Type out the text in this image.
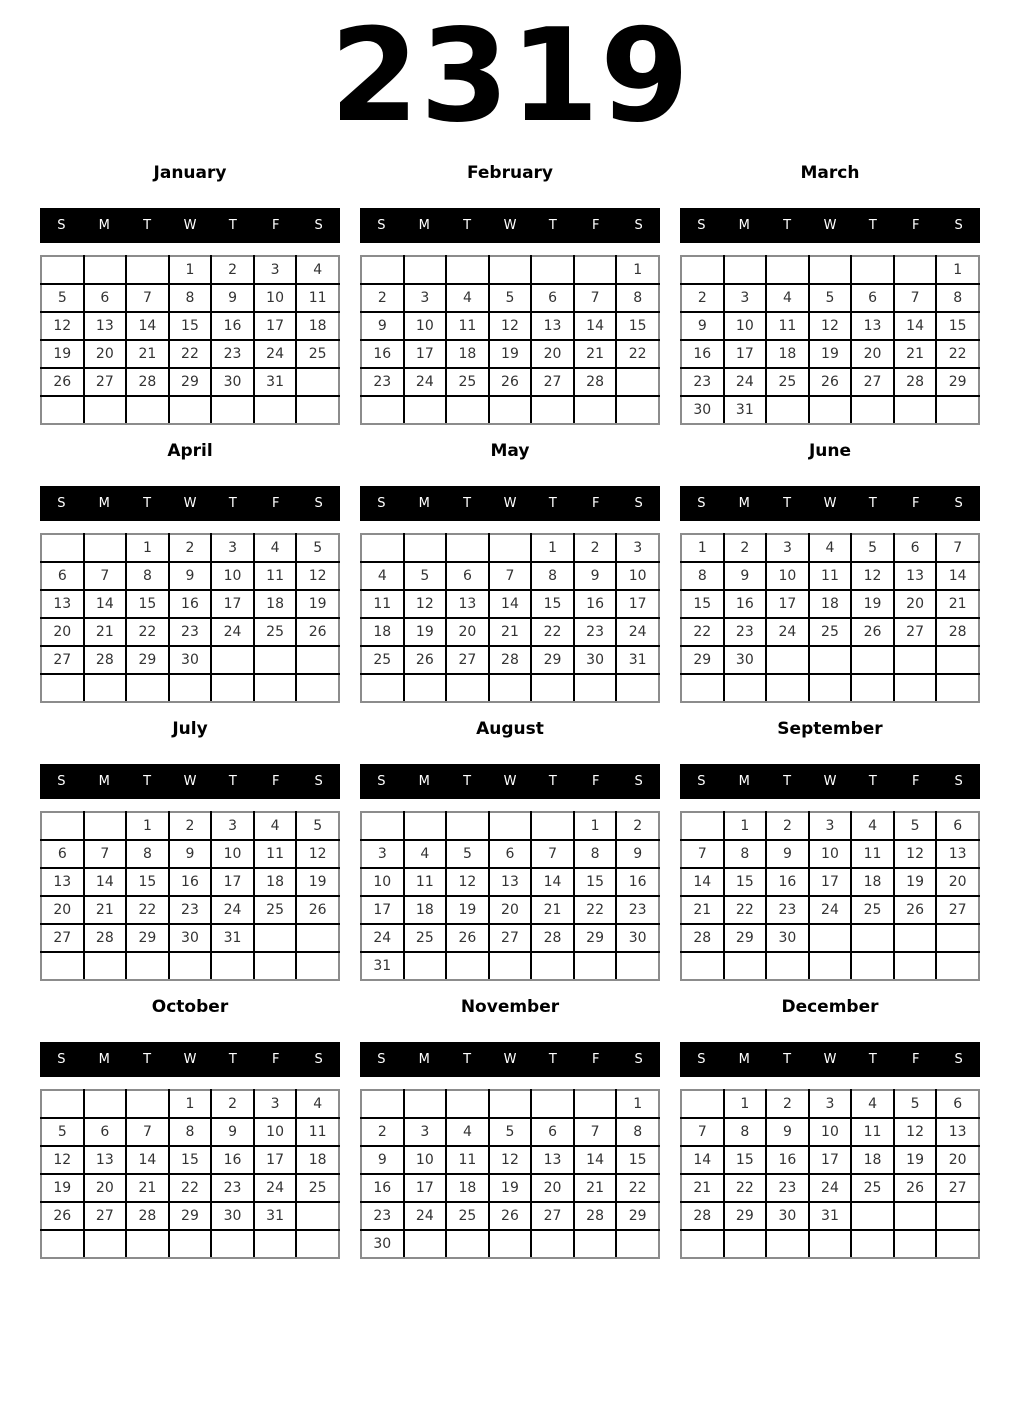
2319
January
S	M	T	W	T	F	S
			1	2	3	4
5	6	7	8	9	10	11
12	13	14	15	16	17	18
19	20	21	22	23	24	25
26	27	28	29	30	31	

February
S	M	T	W	T	F	S
						1
2	3	4	5	6	7	8
9	10	11	12	13	14	15
16	17	18	19	20	21	22
23	24	25	26	27	28	

March
S	M	T	W	T	F	S
						1
2	3	4	5	6	7	8
9	10	11	12	13	14	15
16	17	18	19	20	21	22
23	24	25	26	27	28	29
30	31					
April
S	M	T	W	T	F	S
		1	2	3	4	5
6	7	8	9	10	11	12
13	14	15	16	17	18	19
20	21	22	23	24	25	26
27	28	29	30			

May
S	M	T	W	T	F	S
				1	2	3
4	5	6	7	8	9	10
11	12	13	14	15	16	17
18	19	20	21	22	23	24
25	26	27	28	29	30	31

June
S	M	T	W	T	F	S
1	2	3	4	5	6	7
8	9	10	11	12	13	14
15	16	17	18	19	20	21
22	23	24	25	26	27	28
29	30					

July
S	M	T	W	T	F	S
		1	2	3	4	5
6	7	8	9	10	11	12
13	14	15	16	17	18	19
20	21	22	23	24	25	26
27	28	29	30	31		

August
S	M	T	W	T	F	S
					1	2
3	4	5	6	7	8	9
10	11	12	13	14	15	16
17	18	19	20	21	22	23
24	25	26	27	28	29	30
31						
September
S	M	T	W	T	F	S
	1	2	3	4	5	6
7	8	9	10	11	12	13
14	15	16	17	18	19	20
21	22	23	24	25	26	27
28	29	30				

October
S	M	T	W	T	F	S
			1	2	3	4
5	6	7	8	9	10	11
12	13	14	15	16	17	18
19	20	21	22	23	24	25
26	27	28	29	30	31	

November
S	M	T	W	T	F	S
						1
2	3	4	5	6	7	8
9	10	11	12	13	14	15
16	17	18	19	20	21	22
23	24	25	26	27	28	29
30						
December
S	M	T	W	T	F	S
	1	2	3	4	5	6
7	8	9	10	11	12	13
14	15	16	17	18	19	20
21	22	23	24	25	26	27
28	29	30	31			
